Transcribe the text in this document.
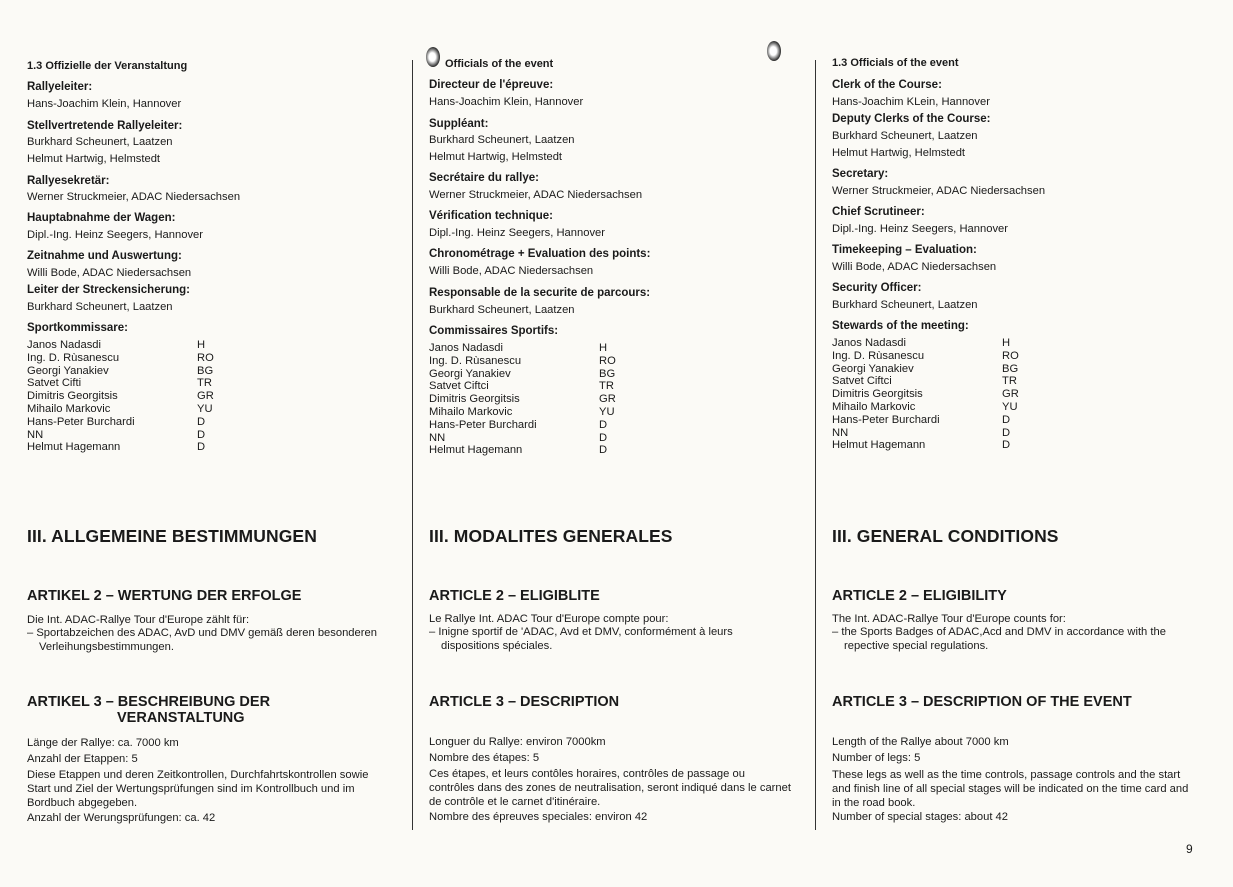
1.3 Offizielle der Veranstaltung
Rallyeleiter:
Hans-Joachim Klein, Hannover
Stellvertretende Rallyeleiter:
Burkhard Scheunert, Laatzen
Helmut Hartwig, Helmstedt
Rallyesekretär:
Werner Struckmeier, ADAC Niedersachsen
Hauptabnahme der Wagen:
Dipl.-Ing. Heinz Seegers, Hannover
Zeitnahme und Auswertung:
Willi Bode, ADAC Niedersachsen
Leiter der Streckensicherung:
Burkhard Scheunert, Laatzen
Sportkommissare:
Janos Nadasdi	H
Ing. D. Rùsanescu	RO
Georgi Yanakiev	BG
Satvet Cifti	TR
Dimitris Georgitsis	GR
Mihailo Markovic	YU
Hans-Peter Burchardi	D
NN	D
Helmut Hagemann	D
III. ALLGEMEINE BESTIMMUNGEN
ARTIKEL 2 – WERTUNG DER ERFOLGE
Die Int. ADAC-Rallye Tour d'Europe zählt für:
– Sportabzeichen des ADAC, AvD und DMV gemäß deren besonderen Verleihungsbestimmungen.
ARTIKEL 3 – BESCHREIBUNG DER
VERANSTALTUNG
Länge der Rallye: ca. 7000 km
Anzahl der Etappen: 5
Diese Etappen und deren Zeitkontrollen, Durchfahrtskontrollen sowie Start und Ziel der Wertungsprüfungen sind im Kontrollbuch und im Bordbuch abgegeben.
Anzahl der Werungsprüfungen: ca. 42
Officials of the event
Directeur de l'épreuve:
Hans-Joachim Klein, Hannover
Suppléant:
Burkhard Scheunert, Laatzen
Helmut Hartwig, Helmstedt
Secrétaire du rallye:
Werner Struckmeier, ADAC Niedersachsen
Vérification technique:
Dipl.-Ing. Heinz Seegers, Hannover
Chronométrage + Evaluation des points:
Willi Bode, ADAC Niedersachsen
Responsable de la securite de parcours:
Burkhard Scheunert, Laatzen
Commissaires Sportifs:
Janos Nadasdi	H
Ing. D. Rùsanescu	RO
Georgi Yanakiev	BG
Satvet Ciftci	TR
Dimitris Georgitsis	GR
Mihailo Markovic	YU
Hans-Peter Burchardi	D
NN	D
Helmut Hagemann	D
III. MODALITES GENERALES
ARTICLE 2 – ELIGIBLITE
Le Rallye Int. ADAC Tour d'Europe compte pour:
– Inigne sportif de 'ADAC, Avd et DMV, conformément à leurs dispositions spéciales.
ARTICLE 3 – DESCRIPTION
Longuer du Rallye: environ 7000km
Nombre des étapes: 5
Ces étapes, et leurs contôles horaires, contrôles de passage ou contrôles dans des zones de neutralisation, seront indiqué dans le carnet de contrôle et le carnet d'itinéraire.
Nombre des épreuves speciales: environ 42
1.3 Officials of the event
Clerk of the Course:
Hans-Joachim KLein, Hannover
Deputy Clerks of the Course:
Burkhard Scheunert, Laatzen
Helmut Hartwig, Helmstedt
Secretary:
Werner Struckmeier, ADAC Niedersachsen
Chief Scrutineer:
Dipl.-Ing. Heinz Seegers, Hannover
Timekeeping – Evaluation:
Willi Bode, ADAC Niedersachsen
Security Officer:
Burkhard Scheunert, Laatzen
Stewards of the meeting:
Janos Nadasdi	H
Ing. D. Rùsanescu	RO
Georgi Yanakiev	BG
Satvet Ciftci	TR
Dimitris Georgitsis	GR
Mihailo Markovic	YU
Hans-Peter Burchardi	D
NN	D
Helmut Hagemann	D
III. GENERAL CONDITIONS
ARTICLE 2 – ELIGIBILITY
The Int. ADAC-Rallye Tour d'Europe counts for:
– the Sports Badges of ADAC,Acd and DMV in accordance with the repective special regulations.
ARTICLE 3 – DESCRIPTION OF THE EVENT
Length of the Rallye about 7000 km
Number of legs: 5
These legs as well as the time controls, passage controls and the start and finish line of all special stages will be indicated on the time card and in the road book.
Number of special stages: about 42
9
